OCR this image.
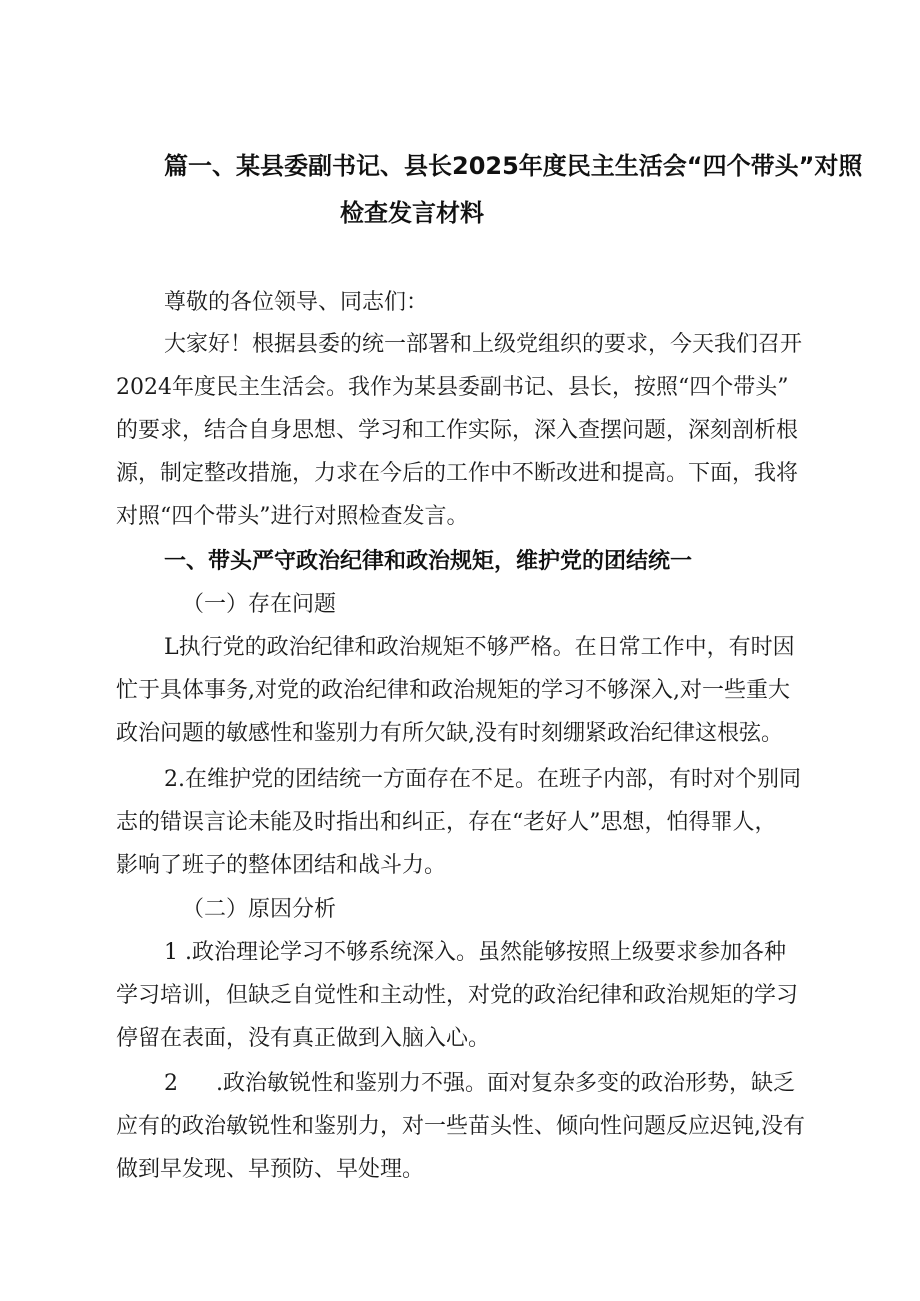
篇一、某县委副书记、县长2025年度民主生活会“四个带头”对照
检查发言材料
尊敬的各位领导、同志们：
大家好！根据县委的统一部署和上级党组织的要求，今天我们召开
2024年度民主生活会。我作为某县委副书记、县长，按照“四个带头”
的要求，结合自身思想、学习和工作实际，深入查摆问题，深刻剖析根
源，制定整改措施，力求在今后的工作中不断改进和提高。下面，我将
对照“四个带头”进行对照检查发言。
一、带头严守政治纪律和政治规矩，维护党的团结统一
（一）存在问题
L执行党的政治纪律和政治规矩不够严格。在日常工作中，有时因
忙于具体事务,对党的政治纪律和政治规矩的学习不够深入,对一些重大
政治问题的敏感性和鉴别力有所欠缺,没有时刻绷紧政治纪律这根弦。
2.在维护党的团结统一方面存在不足。在班子内部，有时对个别同
志的错误言论未能及时指出和纠正，存在“老好人”思想，怕得罪人，
影响了班子的整体团结和战斗力。
（二）原因分析
1 .政治理论学习不够系统深入。虽然能够按照上级要求参加各种
学习培训，但缺乏自觉性和主动性，对党的政治纪律和政治规矩的学习
停留在表面，没有真正做到入脑入心。
2 .政治敏锐性和鉴别力不强。面对复杂多变的政治形势，缺乏
应有的政治敏锐性和鉴别力，对一些苗头性、倾向性问题反应迟钝,没有
做到早发现、早预防、早处理。
